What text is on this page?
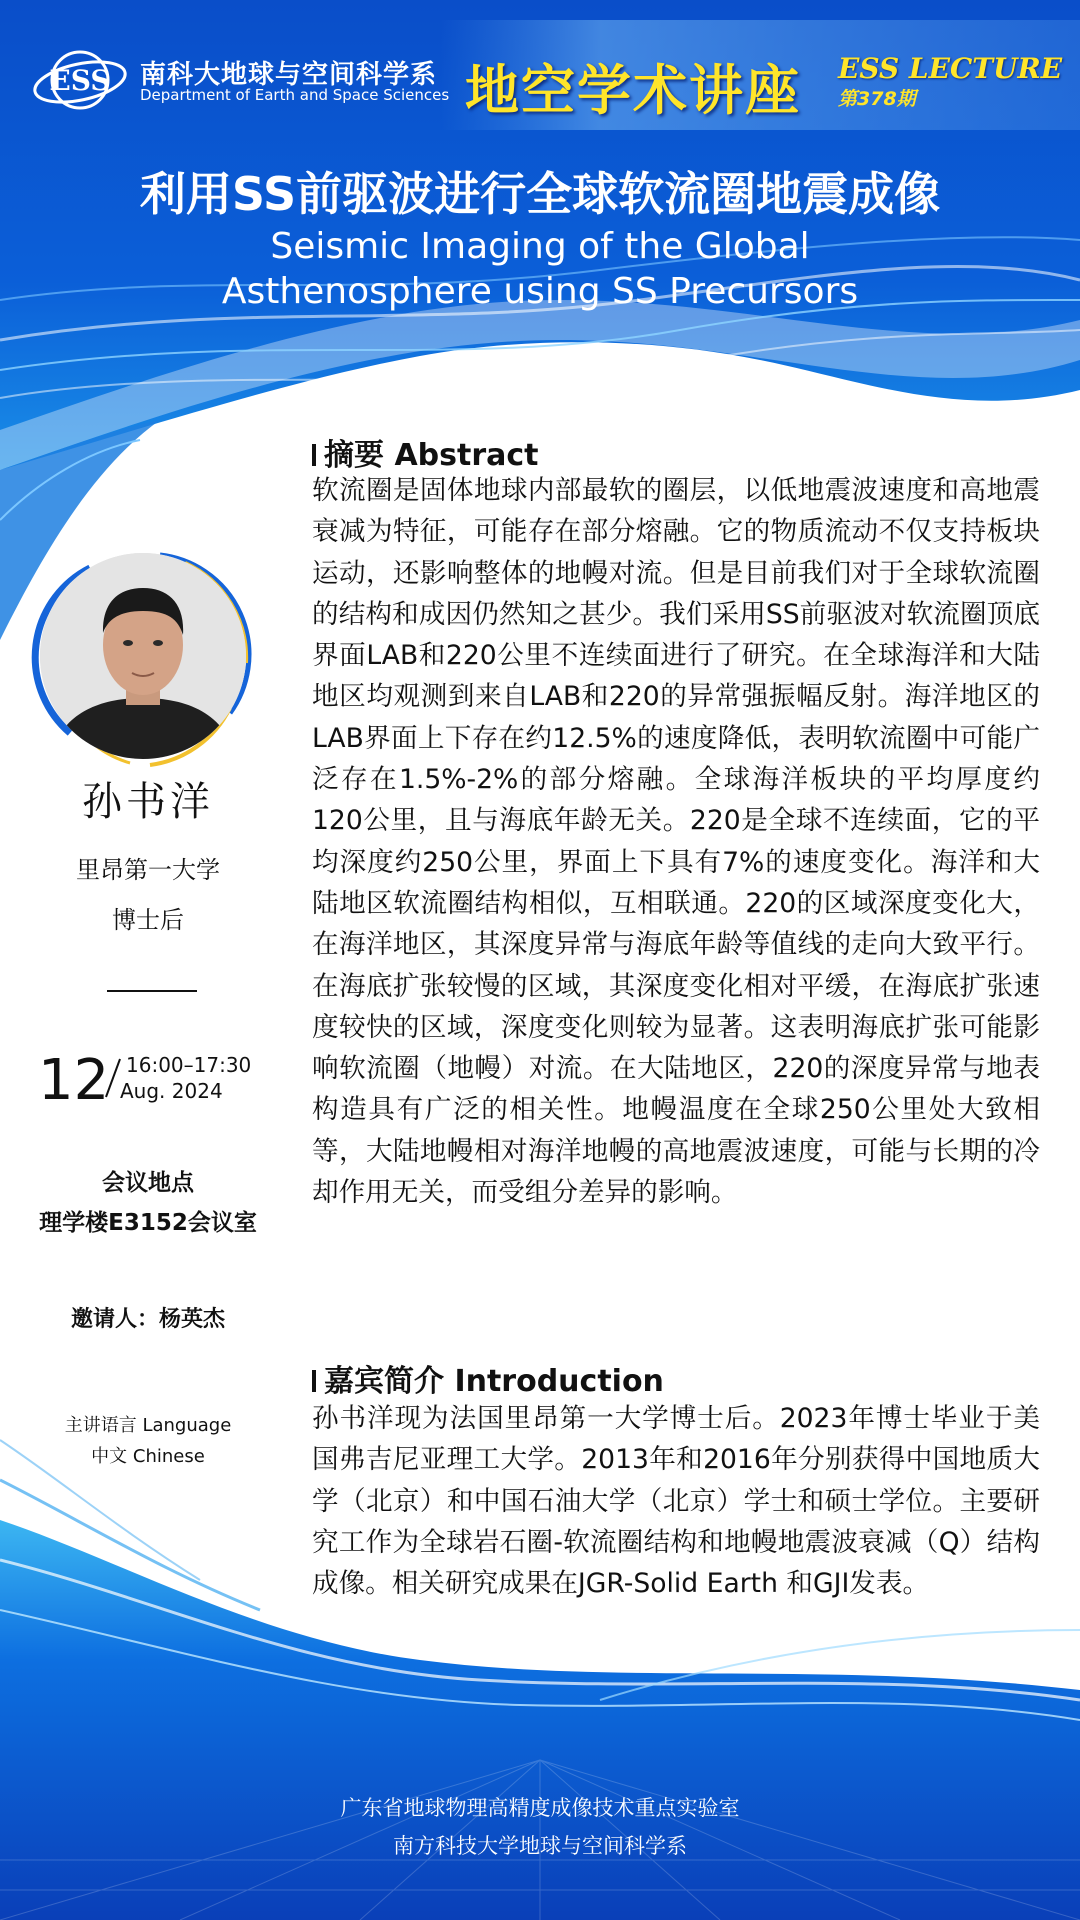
ESS 南科大地球与空间科学系
Department of Earth and Space Sciences 地空学术讲座 ESS LECTURE
第378期
利用SS前驱波进行全球软流圈地震成像
Seismic Imaging of the Global
Asthenosphere using SS Precursors
孙书洋
里昂第一大学
博士后
12 16:00–17:30
Aug. 2024
会议地点
理学楼E3152会议室
邀请人：杨英杰
主讲语言 Language
中文 Chinese
摘要 Abstract

软流圈是固体地球内部最软的圈层，以低地震波速度和高地震衰减为特征，可能存在部分熔融。它的物质流动不仅支持板块运动，还影响整体的地幔对流。但是目前我们对于全球软流圈的结构和成因仍然知之甚少。我们采用SS前驱波对软流圈顶底界面LAB和220公里不连续面进行了研究。在全球海洋和大陆地区均观测到来自LAB和220的异常强振幅反射。海洋地区的LAB界面上下存在约12.5%的速度降低，表明软流圈中可能广泛存在1.5%-2%的部分熔融。全球海洋板块的平均厚度约120公里，且与海底年龄无关。220是全球不连续面，它的平均深度约250公里，界面上下具有7%的速度变化。海洋和大陆地区软流圈结构相似，互相联通。220的区域深度变化大，在海洋地区，其深度异常与海底年龄等值线的走向大致平行。在海底扩张较慢的区域，其深度变化相对平缓，在海底扩张速度较快的区域，深度变化则较为显著。这表明海底扩张可能影响软流圈（地幔）对流。在大陆地区，220的深度异常与地表构造具有广泛的相关性。地幔温度在全球250公里处大致相等，大陆地幔相对海洋地幔的高地震波速度，可能与长期的冷却作用无关，而受组分差异的影响。

嘉宾简介 Introduction

孙书洋现为法国里昂第一大学博士后。2023年博士毕业于美国弗吉尼亚理工大学。2013年和2016年分别获得中国地质大学（北京）和中国石油大学（北京）学士和硕士学位。主要研究工作为全球岩石圈-软流圈结构和地幔地震波衰减（Q）结构成像。相关研究成果在JGR-Solid Earth 和GJI发表。

广东省地球物理高精度成像技术重点实验室
南方科技大学地球与空间科学系
